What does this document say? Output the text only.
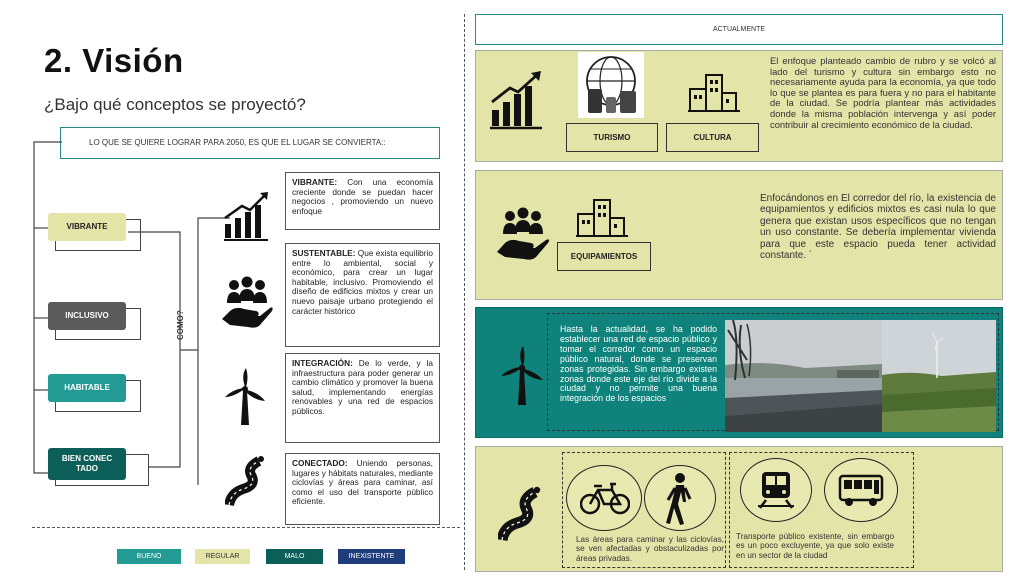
2. Visión
¿Bajo qué conceptos se proyectó?
LO QUE SE QUIERE LOGRAR PARA 2050, ES QUE EL LUGAR SE CONVIERTA::
VIBRANTE
INCLUSIVO
HABITABLE
BIEN CONECTADO
COMO?
VIBRANTE: Con una economía creciente donde se puedan hacer negocios , promoviendo un nuevo enfoque
SUSTENTABLE: Que exista equilibrio entre lo ambiental, social y económico, para crear un lugar habitable, inclusivo. Promoviendo el diseño de edificios mixtos y crear un nuevo paisaje urbano protegiendo el carácter histórico
INTEGRACIÓN: De lo verde, y la infraestructura para poder generar un cambio climático y promover la buena salud, implementando energías renovables y una red de espacios públicos.
CONECTADO: Uniendo personas, lugares y hábitats naturales, mediante ciclovías y áreas para caminar, así como el uso del transporte público eficiente.
BUENO	REGULAR	MALO	INEXISTENTE
ACTUALMENTE
TURISMO	CULTURA
El enfoque planteado cambio de rubro y se volcó al lado del turismo y cultura sin embargo esto no necesariamente ayuda para la economía, ya que todo lo que se plantea es para fuera y no para el habitante de la ciudad. Se podría plantear más actividades donde la misma población intervenga y así poder contribuir al crecimiento económico de la ciudad.
EQUIPAMIENTOS
Enfocándonos en El corredor del río, la existencia de equipamientos y edificios mixtos es casi nula lo que genera que existan usos específicos que no tengan un uso constante. Se debería implementar vivienda para que este espacio pueda tener actividad constante. ´
Hasta la actualidad, se ha podido establecer una red de espacio público y tomar el corredor como un espacio público natural, donde se preservan zonas protegidas. Sin embargo existen zonas donde este eje del río divide a la ciudad y no permite una buena integración de los espacios
Las áreas para caminar y las ciclovías, se ven afectadas y obstaculizadas por áreas privadas.
Transporte público existente, sin embargo es un poco excluyente, ya que solo existe en un sector de la ciudad
